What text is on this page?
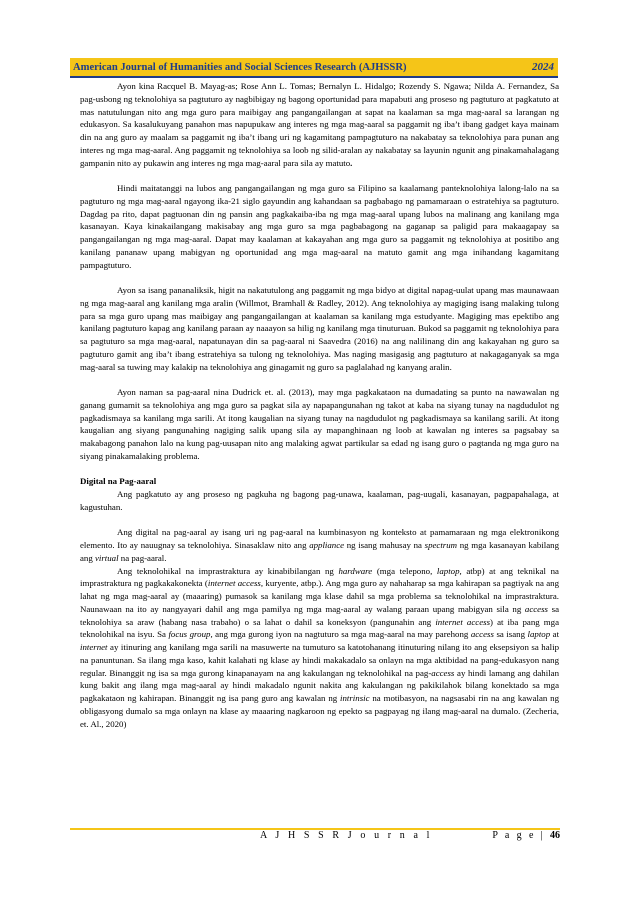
American Journal of Humanities and Social Sciences Research (AJHSSR)	2024

Ayon kina Racquel B. Mayag-as; Rose Ann L. Tomas; Bernalyn L. Hidalgo; Rozendy S. Ngawa; Nilda A. Fernandez, Sa pag-usbong ng teknolohiya sa pagtuturo ay nagbibigay ng bagong oportunidad para mapabuti ang proseso ng pagtuturo at pagkatuto at mas natutulungan nito ang mga guro para maibigay ang pangangailangan at sapat na kaalaman sa mga mag-aaral sa larangan ng edukasyon. Sa kasalukuyang panahon mas napupukaw ang interes ng mga mag-aaral sa paggamit ng iba’t ibang gadget kaya mainam din na ang guro ay maalam sa paggamit ng iba’t ibang uri ng kagamitang pampagtuturo na nakabatay sa teknolohiya para punan ang interes ng mga mag-aaral. Ang paggamit ng teknolohiya sa loob ng silid-aralan ay nakabatay sa layunin ngunit ang pinakamahalagang gampanin nito ay pukawin ang interes ng mga mag-aaral para sila ay matuto.

Hindi maitatanggi na lubos ang pangangailangan ng mga guro sa Filipino sa kaalamang panteknolohiya lalong-lalo na sa pagtuturo ng mga mag-aaral ngayong ika-21 siglo gayundin ang kahandaan sa pagbabago ng pamamaraan o estratehiya sa pagtuturo. Dagdag pa rito, dapat pagtuonan din ng pansin ang pagkakaiba-iba ng mga mag-aaral upang lubos na malinang ang kanilang mga kasanayan. Kaya kinakailangang makisabay ang mga guro sa mga pagbabagong na gaganap sa paligid para makaagapay sa pangangailangan ng mga mag-aaral. Dapat may kaalaman at kakayahan ang mga guro sa paggamit ng teknolohiya at positibo ang kanilang pananaw upang mabigyan ng oportunidad ang mga mag-aaral na matuto gamit ang mga inihandang kagamitang pampagtuturo.

Ayon sa isang pananaliksik, higit na nakatutulong ang paggamit ng mga bidyo at digital napag-uulat upang mas maunawaan ng mga mag-aaral ang kanilang mga aralin (Willmot, Bramhall & Radley, 2012). Ang teknolohiya ay magiging isang malaking tulong para sa mga guro upang mas maibigay ang pangangailangan at kaalaman sa kanilang mga estudyante. Magiging mas epektibo ang kanilang pagtuturo kapag ang kanilang paraan ay naaayon sa hilig ng kanilang mga tinuturuan. Bukod sa paggamit ng teknolohiya para sa pagtuturo sa mga mag-aaral, napatunayan din sa pag-aaral ni Saavedra (2016) na ang nalilinang din ang kakayahan ng guro sa pagtuturo gamit ang iba’t ibang estratehiya sa tulong ng teknolohiya. Mas naging masigasig ang pagtuturo at nakagaganyak sa mga mag-aaral sa tuwing may kalakip na teknolohiya ang ginagamit ng guro sa paglalahad ng kanyang aralin.

Ayon naman sa pag-aaral nina Dudrick et. al. (2013), may mga pagkakataon na dumadating sa punto na nawawalan ng ganang gumamit sa teknolohiya ang mga guro sa pagkat sila ay napapangunahan ng takot at kaba na siyang tunay na nagdudulot ng pagkadismaya sa kanilang mga sarili. At itong kaugalian na siyang tunay na nagdudulot ng pagkadismaya sa kanilang sarili. At itong kaugalian ang siyang pangunahing nagiging salik upang sila ay mapanghinaan ng loob at kawalan ng interes sa pagsabay sa makabagong panahon lalo na kung pag-uusapan nito ang malaking agwat partikular sa edad ng isang guro o pagtanda ng mga guro na siyang pinakamalaking problema.

Digital na Pag-aaral

Ang pagkatuto ay ang proseso ng pagkuha ng bagong pag-unawa, kaalaman, pag-uugali, kasanayan, pagpapahalaga, at kagustuhan.

Ang digital na pag-aaral ay isang uri ng pag-aaral na kumbinasyon ng konteksto at pamamaraan ng mga elektronikong elemento. Ito ay nauugnay sa teknolohiya. Sinasaklaw nito ang appliance ng isang mahusay na spectrum ng mga kasanayan kabilang ang virtual na pag-aaral.

Ang teknolohikal na imprastraktura ay kinabibilangan ng hardware (mga telepono, laptop, atbp) at ang teknikal na imprastraktura ng pagkakakonekta (internet access, kuryente, atbp.). Ang mga guro ay nahaharap sa mga kahirapan sa pagtiyak na ang lahat ng mga mag-aaral ay (maaaring) pumasok sa kanilang mga klase dahil sa mga problema sa teknolohikal na imprastraktura. Naunawaan na ito ay nangyayari dahil ang mga pamilya ng mga mag-aaral ay walang paraan upang mabigyan sila ng access sa teknolohiya sa araw (habang nasa trabaho) o sa lahat o dahil sa koneksyon (pangunahin ang internet access) at iba pang mga teknolohikal na isyu. Sa focus group, ang mga gurong iyon na nagtuturo sa mga mag-aaral na may parehong access sa isang laptop at internet ay itinuring ang kanilang mga sarili na masuwerte na tumuturo sa katotohanang itinuturing nilang ito ang eksepsiyon sa halip na panuntunan. Sa ilang mga kaso, kahit kalahati ng klase ay hindi makakadalo sa onlayn na mga aktibidad na pang-edukasyon nang regular. Binanggit ng isa sa mga gurong kinapanayam na ang kakulangan ng teknolohikal na pag-access ay hindi lamang ang dahilan kung bakit ang ilang mga mag-aaral ay hindi makadalo ngunit nakita ang kakulangan ng pakikilahok bilang konektado sa mga pagkakataon ng kahirapan. Binanggit ng isa pang guro ang kawalan ng intrinsic na motibasyon, na nagsasabi rin na ang kawalan ng obligasyong dumalo sa mga onlayn na klase ay maaaring nagkaroon ng epekto sa pagpayag ng ilang mag-aaral na dumalo. (Zecheria, et. Al., 2020)

A J H S S R J o u r n a l	P a g e | 46
